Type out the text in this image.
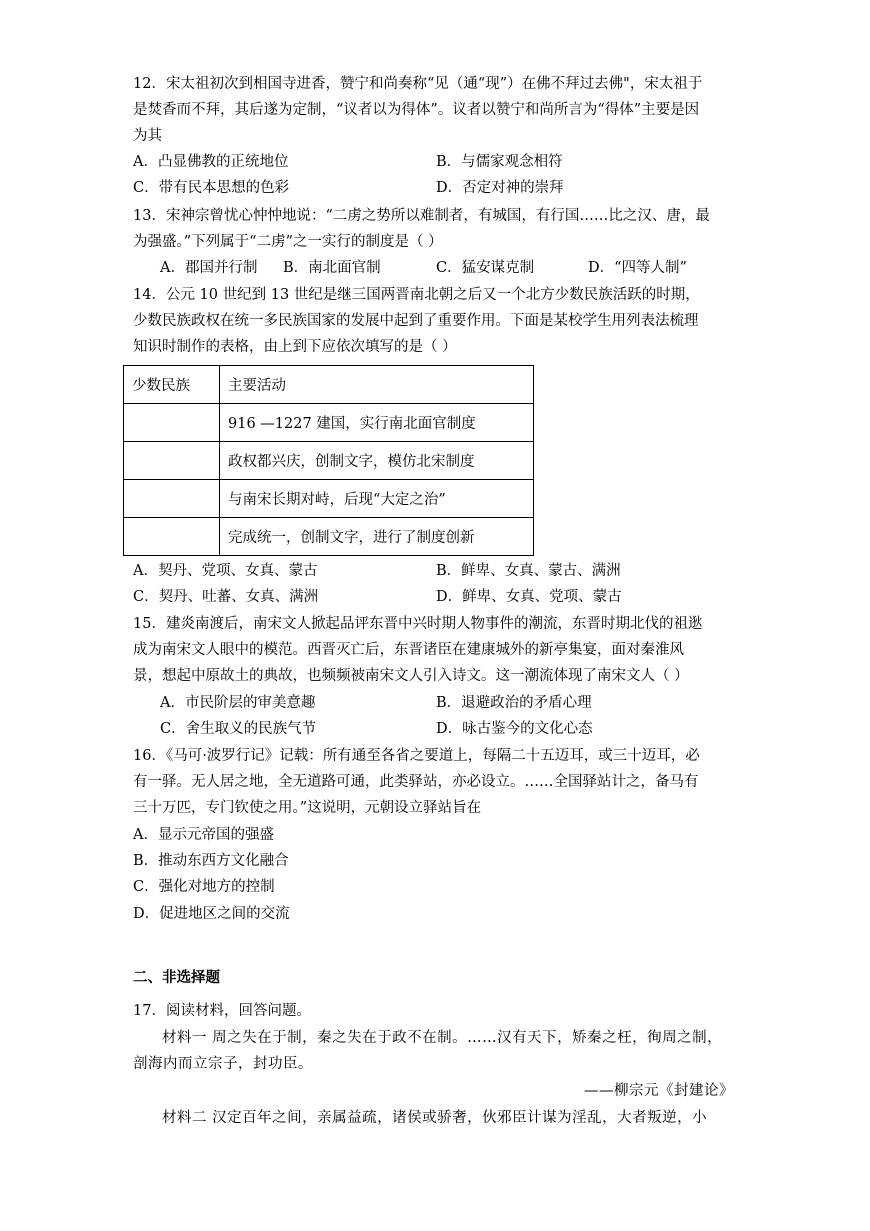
12．宋太祖初次到相国寺进香，赞宁和尚奏称“见（通“现”）在佛不拜过去佛"，宋太祖于
是焚香而不拜，其后遂为定制，“议者以为得体”。议者以赞宁和尚所言为“得体”主要是因
为其
A．凸显佛教的正统地位	B．与儒家观念相符
C．带有民本思想的色彩	D．否定对神的崇拜
13．宋神宗曾忧心忡忡地说：“二虏之势所以难制者，有城国，有行国……比之汉、唐，最
为强盛。”下列属于“二虏”之一实行的制度是（ ）
A．郡国并行制 B．南北面官制	C．猛安谋克制	D．“四等人制”
14．公元 10 世纪到 13 世纪是继三国两晋南北朝之后又一个北方少数民族活跃的时期，
少数民族政权在统一多民族国家的发展中起到了重要作用。下面是某校学生用列表法梳理
知识时制作的表格，由上到下应依次填写的是（ ）
少数民族	主要活动
	916 —1227 建国，实行南北面官制度
	政权都兴庆，创制文字，模仿北宋制度
	与南宋长期对峙，后现“大定之治”
	完成统一，创制文字，进行了制度创新
A．契丹、党项、女真、蒙古	B．鲜卑、女真、蒙古、满洲
C．契丹、吐蕃、女真、满洲	D．鲜卑、女真、党项、蒙古
15．建炎南渡后，南宋文人掀起品评东晋中兴时期人物事件的潮流，东晋时期北伐的祖逖
成为南宋文人眼中的模范。西晋灭亡后，东晋诸臣在建康城外的新亭集宴，面对秦淮风
景，想起中原故土的典故，也频频被南宋文人引入诗文。这一潮流体现了南宋文人（ ）
A．市民阶层的审美意趣	B．退避政治的矛盾心理
C．舍生取义的民族气节	D．咏古鉴今的文化心态
16．《马可·波罗行记》记载：所有通至各省之要道上，每隔二十五迈耳，或三十迈耳，必
有一驿。无人居之地，全无道路可通，此类驿站，亦必设立。……全国驿站计之，备马有
三十万匹，专门钦使之用。”这说明，元朝设立驿站旨在
A．显示元帝国的强盛
B．推动东西方文化融合
C．强化对地方的控制
D．促进地区之间的交流
二、非选择题
17．阅读材料，回答问题。
材料一 周之失在于制，秦之失在于政不在制。……汉有天下，矫秦之枉，徇周之制，
剖海内而立宗子，封功臣。
——柳宗元《封建论》
材料二 汉定百年之间，亲属益疏，诸侯或骄奢，伙邪臣计谋为淫乱，大者叛逆，小
